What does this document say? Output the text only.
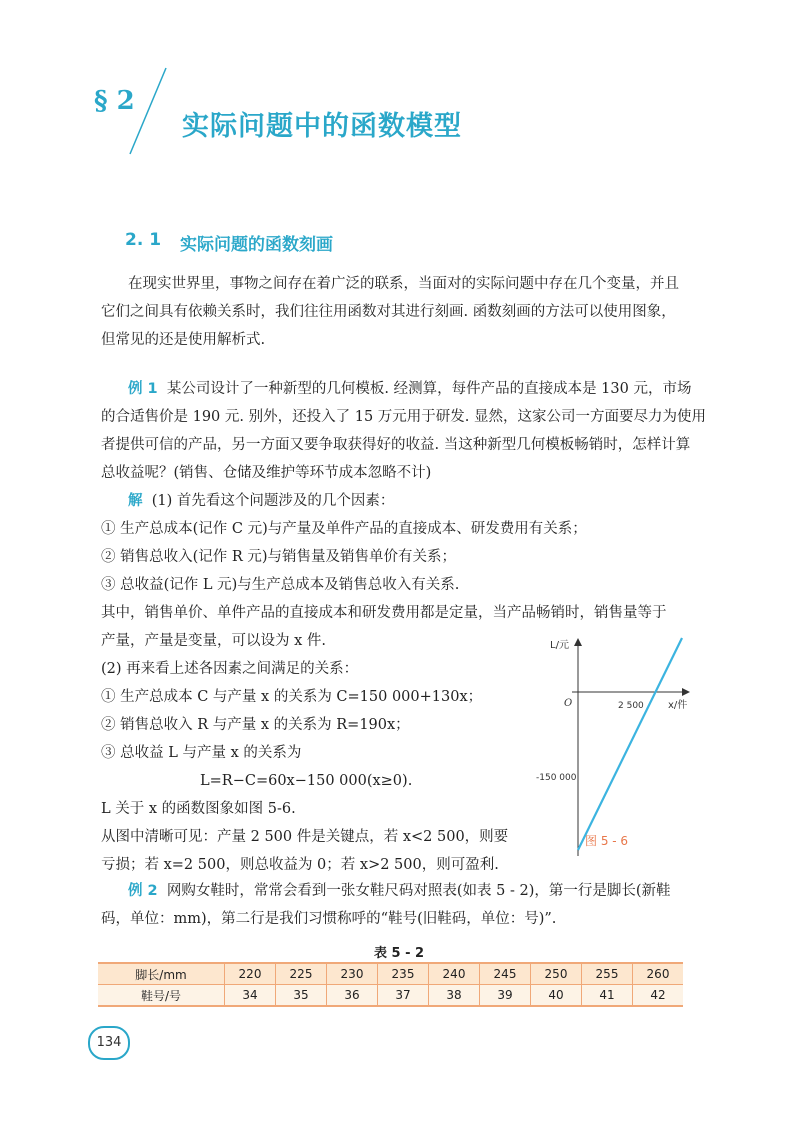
§ 2
实际问题中的函数模型
2. 1 实际问题的函数刻画
在现实世界里，事物之间存在着广泛的联系，当面对的实际问题中存在几个变量，并且
它们之间具有依赖关系时，我们往往用函数对其进行刻画. 函数刻画的方法可以使用图象，
但常见的还是使用解析式.
例 1 某公司设计了一种新型的几何模板. 经测算，每件产品的直接成本是 130 元，市场
的合适售价是 190 元. 别外，还投入了 15 万元用于研发. 显然，这家公司一方面要尽力为使用
者提供可信的产品，另一方面又要争取获得好的收益. 当这种新型几何模板畅销时，怎样计算
总收益呢？(销售、仓储及维护等环节成本忽略不计)
解 (1) 首先看这个问题涉及的几个因素：
① 生产总成本(记作 C 元)与产量及单件产品的直接成本、研发费用有关系；
② 销售总收入(记作 R 元)与销售量及销售单价有关系；
③ 总收益(记作 L 元)与生产总成本及销售总收入有关系.
其中，销售单价、单件产品的直接成本和研发费用都是定量，当产品畅销时，销售量等于
产量，产量是变量，可以设为 x 件.
(2) 再来看上述各因素之间满足的关系：
① 生产总成本 C 与产量 x 的关系为 C=150 000+130x；
② 销售总收入 R 与产量 x 的关系为 R=190x；
③ 总收益 L 与产量 x 的关系为
L=R−C=60x−150 000(x≥0).
L 关于 x 的函数图象如图 5-6.
从图中清晰可见：产量 2 500 件是关键点，若 x<2 500，则要
亏损；若 x=2 500，则总收益为 0；若 x>2 500，则可盈利.
L/元
x/件
O	2 500
-150 000
图 5 - 6
例 2 网购女鞋时，常常会看到一张女鞋尺码对照表(如表 5 - 2)，第一行是脚长(新鞋
码，单位：mm)，第二行是我们习惯称呼的“鞋号(旧鞋码，单位：号)”.
表 5 - 2
脚长/mm	220	225	230	235	240	245	250	255	260
鞋号/号	34	35	36	37	38	39	40	41	42
134
